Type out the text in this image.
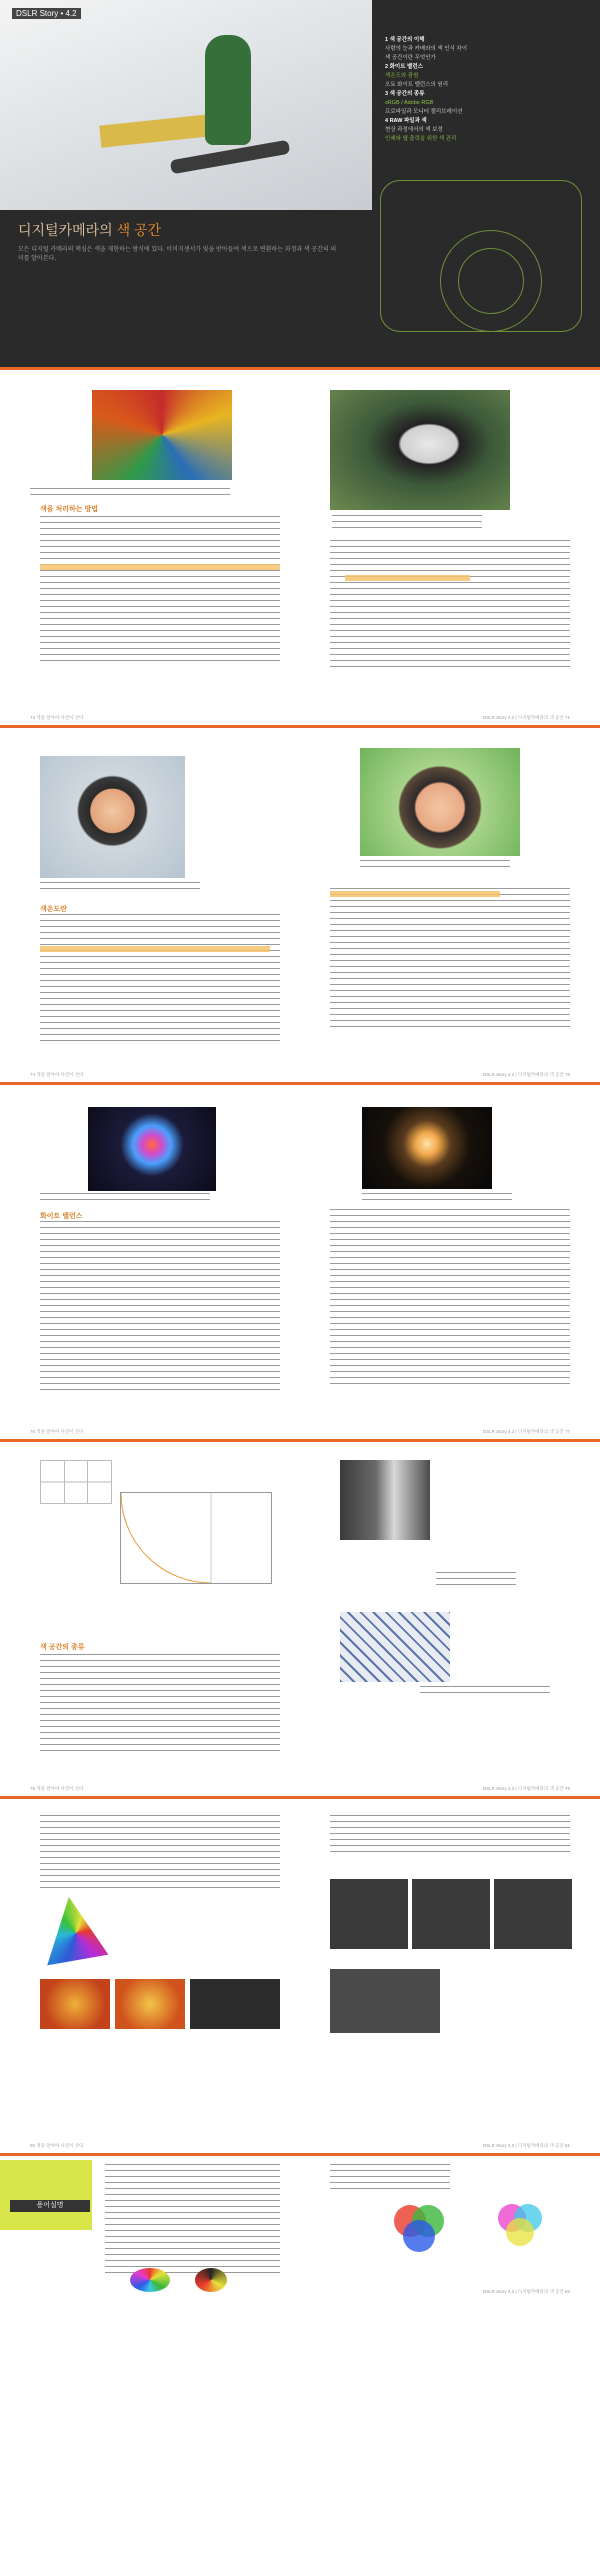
DSLR Story • 4.2
디지털카메라의 색 공간
모든 디지털 카메라의 핵심은 색을 재현하는 방식에 있다. 이미지센서가 빛을 받아들여 색으로 변환하는 과정과 색 공간의 의미를 알아본다.
1 색 공간의 이해
사람의 눈과 카메라의 색 인식 차이
색 공간이란 무엇인가
2 화이트 밸런스
색온도와 광원
오토 화이트 밸런스의 원리
3 색 공간의 종류
sRGB / Adobe RGB
프로파일과 모니터 캘리브레이션
4 RAW 파일과 색
현상 과정에서의 색 보정
인쇄와 웹 출력을 위한 색 관리
색을 처리하는 방법
73 색을 알아야 사진이 산다	DSLR Story 4.2 | 디지털카메라의 색 공간 71
색온도란
74 색을 알아야 사진이 산다	DSLR Story 4.2 | 디지털카메라의 색 공간 75
화이트 밸런스
76 색을 알아야 사진이 산다	DSLR Story 4.2 | 디지털카메라의 색 공간 77
색 공간의 종류
78 색을 알아야 사진이 산다	DSLR Story 4.2 | 디지털카메라의 색 공간 79
80 색을 알아야 사진이 산다	DSLR Story 4.2 | 디지털카메라의 색 공간 81
용어설명
DSLR Story 4.2 | 디지털카메라의 색 공간 83
